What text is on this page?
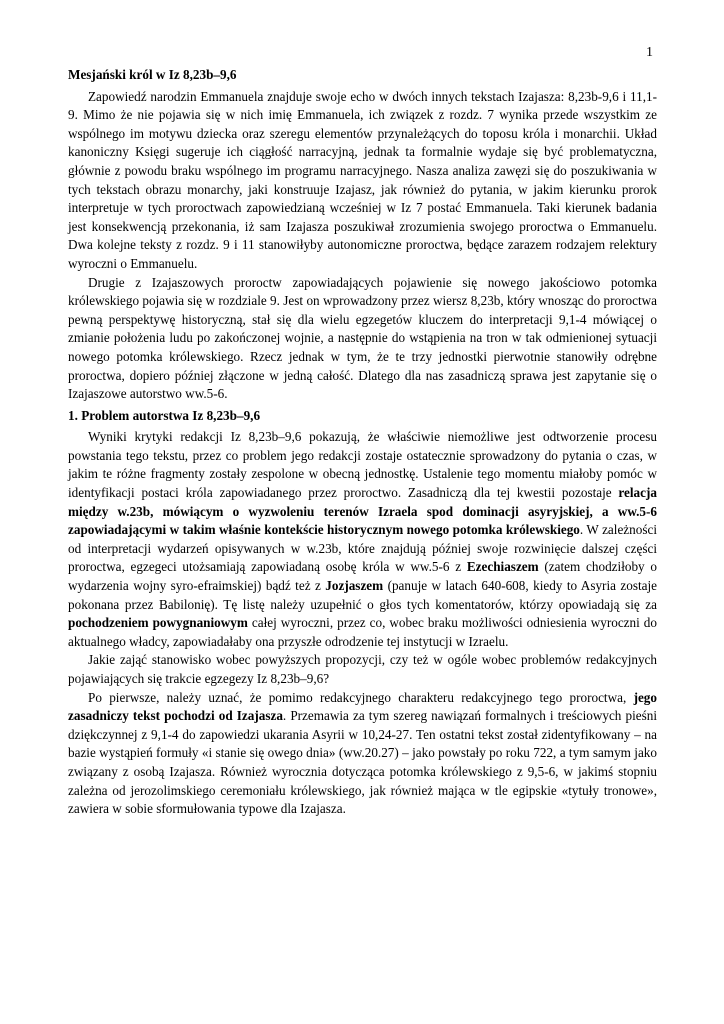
1
Mesjański król w Iz 8,23b–9,6

Zapowiedź narodzin Emmanuela znajduje swoje echo w dwóch innych tekstach Izajasza: 8,23b-9,6 i 11,1-9. Mimo że nie pojawia się w nich imię Emmanuela, ich związek z rozdz. 7 wynika przede wszystkim ze wspólnego im motywu dziecka oraz szeregu elementów przynależących do toposu króla i monarchii. Układ kanoniczny Księgi sugeruje ich ciągłość narracyjną, jednak ta formalnie wydaje się być problematyczna, głównie z powodu braku wspólnego im programu narracyjnego. Nasza analiza zawęzi się do poszukiwania w tych tekstach obrazu monarchy, jaki konstruuje Izajasz, jak również do pytania, w jakim kierunku prorok interpretuje w tych proroctwach zapowiedzianą wcześniej w Iz 7 postać Emmanuela. Taki kierunek badania jest konsekwencją przekonania, iż sam Izajasza poszukiwał zrozumienia swojego proroctwa o Emmanuelu. Dwa kolejne teksty z rozdz. 9 i 11 stanowiłyby autonomiczne proroctwa, będące zarazem rodzajem relektury wyroczni o Emmanuelu.

Drugie z Izajaszowych proroctw zapowiadających pojawienie się nowego jakościowo potomka królewskiego pojawia się w rozdziale 9. Jest on wprowadzony przez wiersz 8,23b, który wnosząc do proroctwa pewną perspektywę historyczną, stał się dla wielu egzegetów kluczem do interpretacji 9,1-4 mówiącej o zmianie położenia ludu po zakończonej wojnie, a następnie do wstąpienia na tron w tak odmienionej sytuacji nowego potomka królewskiego. Rzecz jednak w tym, że te trzy jednostki pierwotnie stanowiły odrębne proroctwa, dopiero później złączone w jedną całość. Dlatego dla nas zasadniczą sprawa jest zapytanie się o Izajaszowe autorstwo ww.5-6.

1. Problem autorstwa Iz 8,23b–9,6

Wyniki krytyki redakcji Iz 8,23b–9,6 pokazują, że właściwie niemożliwe jest odtworzenie procesu powstania tego tekstu, przez co problem jego redakcji zostaje ostatecznie sprowadzony do pytania o czas, w jakim te różne fragmenty zostały zespolone w obecną jednostkę. Ustalenie tego momentu miałoby pomóc w identyfikacji postaci króla zapowiadanego przez proroctwo. Zasadniczą dla tej kwestii pozostaje relacja między w.23b, mówiącym o wyzwoleniu terenów Izraela spod dominacji asyryjskiej, a ww.5-6 zapowiadającymi w takim właśnie kontekście historycznym nowego potomka królewskiego. W zależności od interpretacji wydarzeń opisywanych w w.23b, które znajdują później swoje rozwinięcie dalszej części proroctwa, egzegeci utożsamiają zapowiadaną osobę króla w ww.5-6 z Ezechiaszem (zatem chodziłoby o wydarzenia wojny syro-efraimskiej) bądź też z Jozjaszem (panuje w latach 640-608, kiedy to Asyria zostaje pokonana przez Babilonię). Tę listę należy uzupełnić o głos tych komentatorów, którzy opowiadają się za pochodzeniem powygnaniowym całej wyroczni, przez co, wobec braku możliwości odniesienia wyroczni do aktualnego władcy, zapowiadałaby ona przyszłe odrodzenie tej instytucji w Izraelu.

Jakie zająć stanowisko wobec powyższych propozycji, czy też w ogóle wobec problemów redakcyjnych pojawiających się trakcie egzegezy Iz 8,23b–9,6?

Po pierwsze, należy uznać, że pomimo redakcyjnego charakteru redakcyjnego tego proroctwa, jego zasadniczy tekst pochodzi od Izajasza. Przemawia za tym szereg nawiązań formalnych i treściowych pieśni dziękczynnej z 9,1-4 do zapowiedzi ukarania Asyrii w 10,24-27. Ten ostatni tekst został zidentyfikowany – na bazie wystąpień formuły «i stanie się owego dnia» (ww.20.27) – jako powstały po roku 722, a tym samym jako związany z osobą Izajasza. Również wyrocznia dotycząca potomka królewskiego z 9,5-6, w jakimś stopniu zależna od jerozolimskiego ceremoniału królewskiego, jak również mająca w tle egipskie «tytuły tronowe», zawiera w sobie sformułowania typowe dla Izajasza.
